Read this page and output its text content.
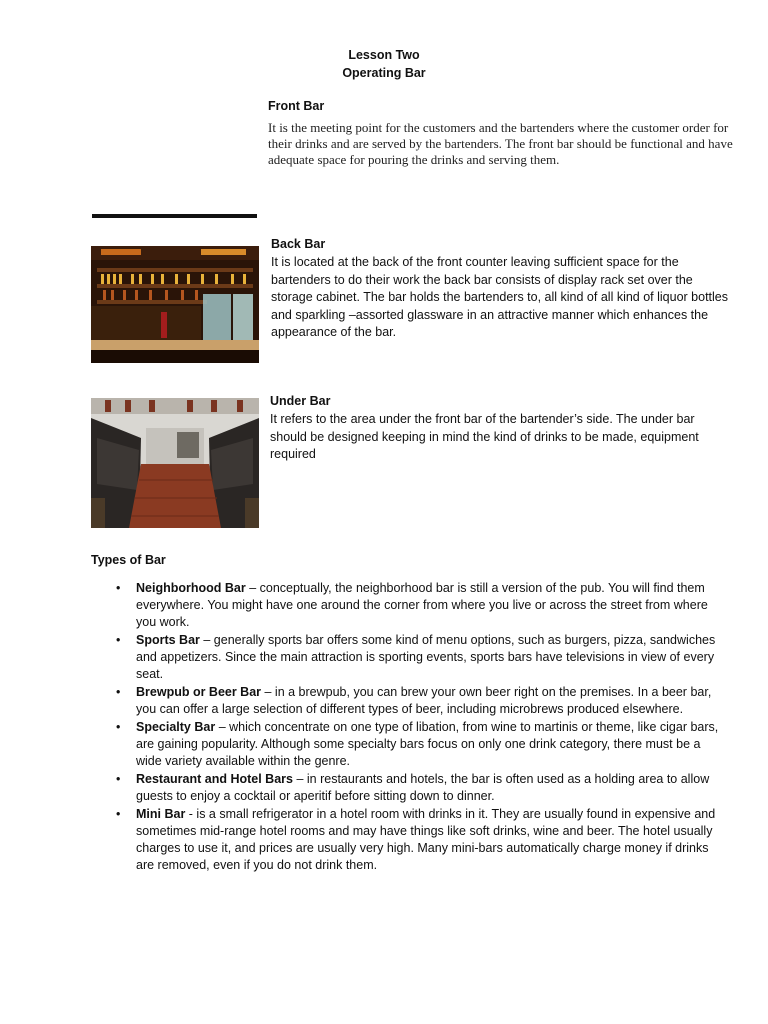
Lesson Two
Operating Bar
Front Bar
It is the meeting point for the customers and the bartenders where the customer order for their drinks and are served by the bartenders. The front bar should be functional and have adequate space for pouring the drinks and serving them.
Back Bar
It is located at the back of the front counter leaving sufficient space for the bartenders to do their work the back bar consists of display rack set over the storage cabinet. The bar holds the bartenders to, all kind of all kind of liquor bottles and sparkling –assorted glassware in an attractive manner which enhances the appearance of the bar.
Under Bar
It refers to the area under the front bar of the bartender’s side. The under bar should be designed keeping in mind the kind of drinks to be made, equipment required
Types of Bar
• Neighborhood Bar – conceptually, the neighborhood bar is still a version of the pub. You will find them everywhere. You might have one around the corner from where you live or across the street from where you work.
• Sports Bar – generally sports bar offers some kind of menu options, such as burgers, pizza, sandwiches and appetizers. Since the main attraction is sporting events, sports bars have televisions in view of every seat.
• Brewpub or Beer Bar – in a brewpub, you can brew your own beer right on the premises. In a beer bar, you can offer a large selection of different types of beer, including microbrews produced elsewhere.
• Specialty Bar – which concentrate on one type of libation, from wine to martinis or theme, like cigar bars, are gaining popularity. Although some specialty bars focus on only one drink category, there must be a wide variety available within the genre.
• Restaurant and Hotel Bars – in restaurants and hotels, the bar is often used as a holding area to allow guests to enjoy a cocktail or aperitif before sitting down to dinner.
• Mini Bar - is a small refrigerator in a hotel room with drinks in it. They are usually found in expensive and sometimes mid-range hotel rooms and may have things like soft drinks, wine and beer. The hotel usually charges to use it, and prices are usually very high. Many mini-bars automatically charge money if drinks are removed, even if you do not drink them.
